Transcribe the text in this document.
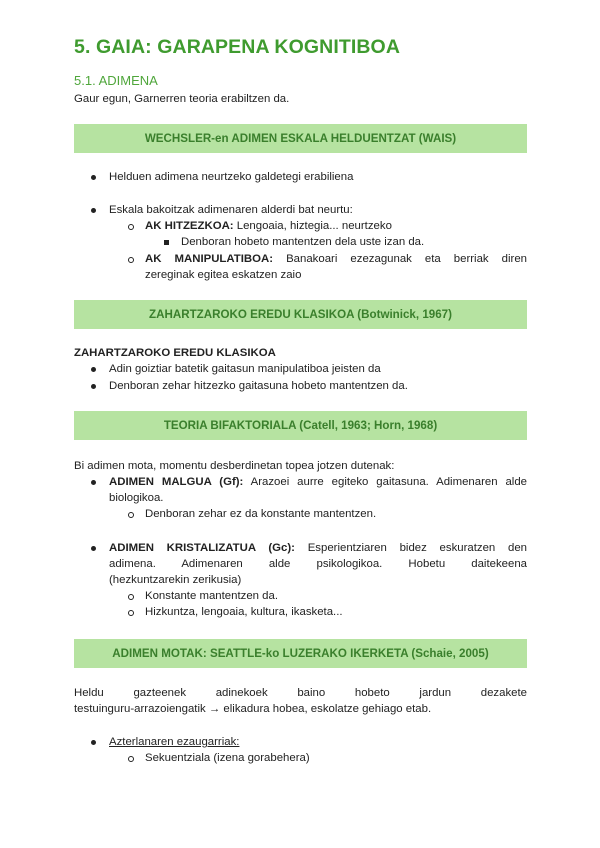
5. GAIA: GARAPENA KOGNITIBOA
5.1. ADIMENA
Gaur egun, Garnerren teoria erabiltzen da.
WECHSLER-en ADIMEN ESKALA HELDUENTZAT (WAIS)
Helduen adimena neurtzeko galdetegi erabiliena
Eskala bakoitzak adimenaren alderdi bat neurtu:
AK HITZEZKOA: Lengoaia, hiztegia... neurtzeko
Denboran hobeto mantentzen dela uste izan da.
AK MANIPULATIBOA: Banakoari ezezagunak eta berriak diren
zereginak egitea eskatzen zaio
ZAHARTZAROKO EREDU KLASIKOA (Botwinick, 1967)
ZAHARTZAROKO EREDU KLASIKOA
Adin goiztiar batetik gaitasun manipulatiboa jeisten da
Denboran zehar hitzezko gaitasuna hobeto mantentzen da.
TEORIA BIFAKTORIALA (Catell, 1963; Horn, 1968)
Bi adimen mota, momentu desberdinetan topea jotzen dutenak:
ADIMEN MALGUA (Gf): Arazoei aurre egiteko gaitasuna. Adimenaren alde
biologikoa.
Denboran zehar ez da konstante mantentzen.
ADIMEN KRISTALIZATUA (Gc): Esperientziaren bidez eskuratzen den
adimena. Adimenaren alde psikologikoa. Hobetu daitekeena
(hezkuntzarekin zerikusia)
Konstante mantentzen da.
Hizkuntza, lengoaia, kultura, ikasketa...
ADIMEN MOTAK: SEATTLE-ko LUZERAKO IKERKETA (Schaie, 2005)
Heldu gazteenek adinekoek baino hobeto jardun dezakete
testuinguru-arrazoiengatik → elikadura hobea, eskolatze gehiago etab.
Azterlanaren ezaugarriak:
Sekuentziala (izena gorabehera)
